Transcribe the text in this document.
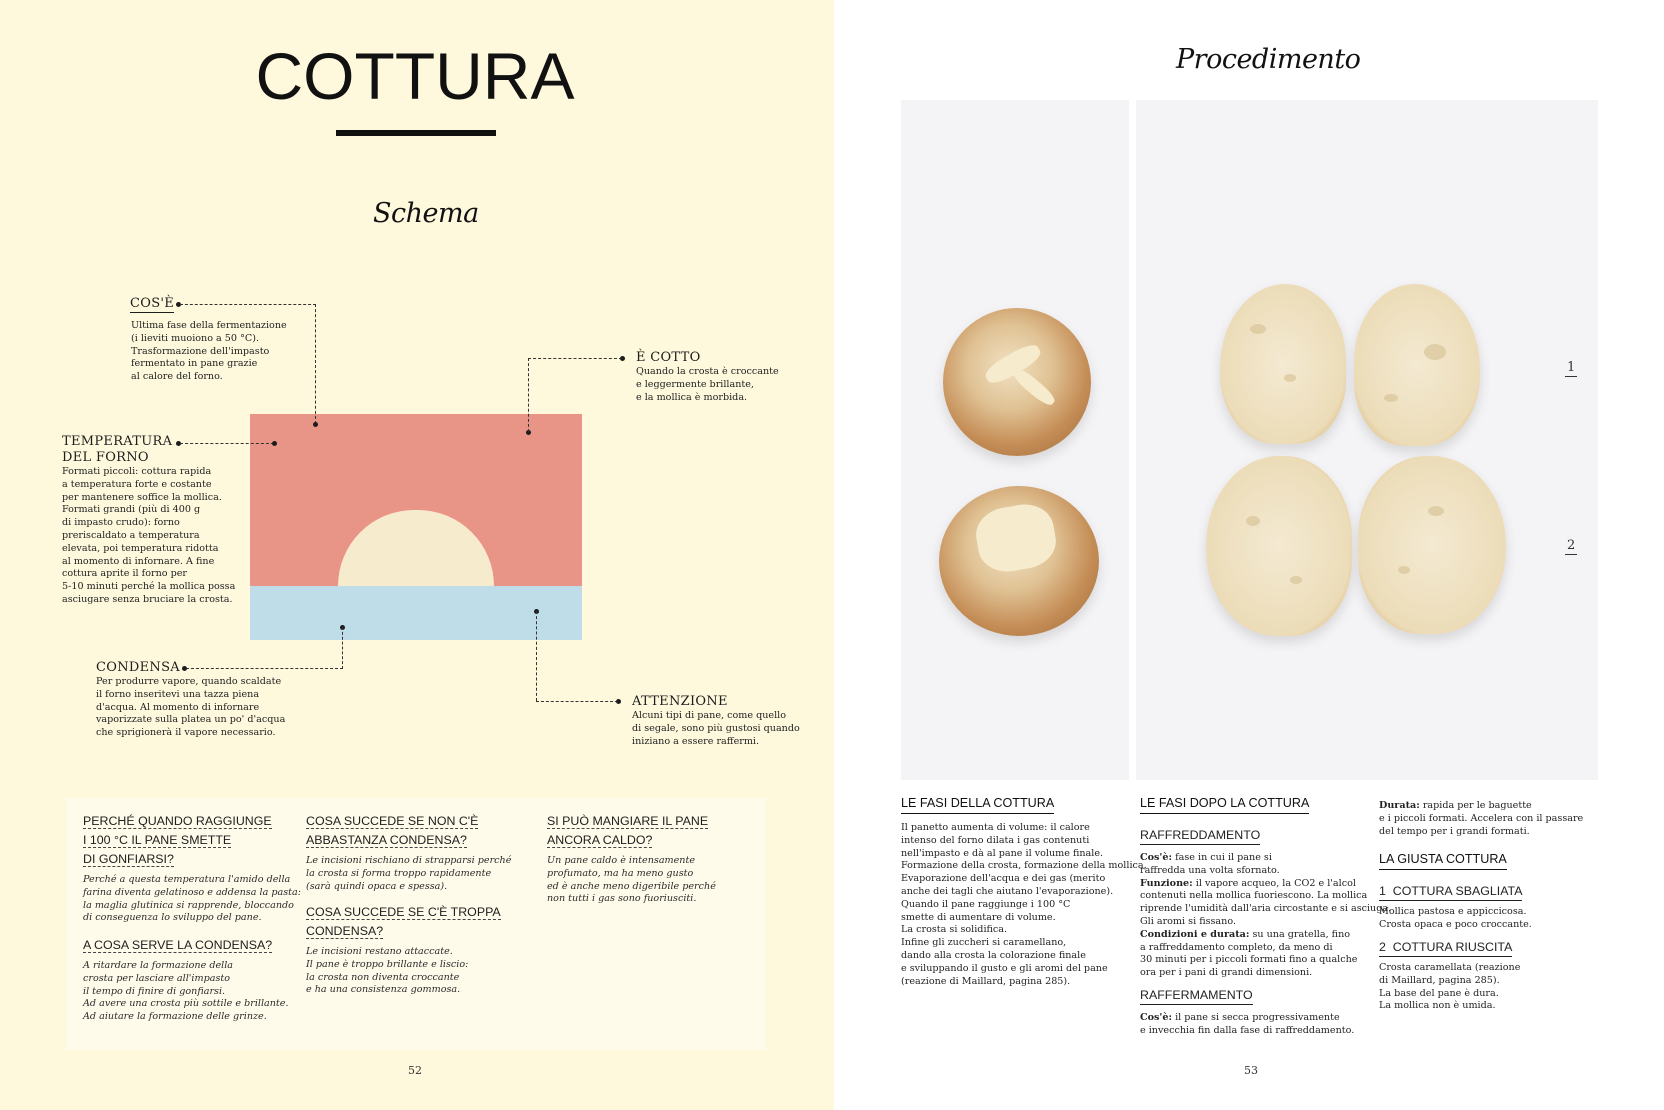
COTTURA
Schema
COS'È
Ultima fase della fermentazione
(i lieviti muoiono a 50 °C).
Trasformazione dell'impasto
fermentato in pane grazie
al calore del forno.
È COTTO
Quando la crosta è croccante
e leggermente brillante,
e la mollica è morbida.
TEMPERATURA
DEL FORNO
Formati piccoli: cottura rapida
a temperatura forte e costante
per mantenere soffice la mollica.
Formati grandi (più di 400 g
di impasto crudo): forno
preriscaldato a temperatura
elevata, poi temperatura ridotta
al momento di infornare. A fine
cottura aprite il forno per
5-10 minuti perché la mollica possa
asciugare senza bruciare la crosta.
CONDENSA
Per produrre vapore, quando scaldate
il forno inseritevi una tazza piena
d'acqua. Al momento di infornare
vaporizzate sulla platea un po' d'acqua
che sprigionerà il vapore necessario.
ATTENZIONE
Alcuni tipi di pane, come quello
di segale, sono più gustosi quando
iniziano a essere raffermi.
PERCHÉ QUANDO RAGGIUNGE
I 100 °C IL PANE SMETTE
DI GONFIARSI?
Perché a questa temperatura l'amido della
farina diventa gelatinoso e addensa la pasta:
la maglia glutinica si rapprende, bloccando
di conseguenza lo sviluppo del pane.
A COSA SERVE LA CONDENSA?
A ritardare la formazione della
crosta per lasciare all'impasto
il tempo di finire di gonfiarsi.
Ad avere una crosta più sottile e brillante.
Ad aiutare la formazione delle grinze.
COSA SUCCEDE SE NON C'È
ABBASTANZA CONDENSA?
Le incisioni rischiano di strapparsi perché
la crosta si forma troppo rapidamente
(sarà quindi opaca e spessa).
COSA SUCCEDE SE C'È TROPPA
CONDENSA?
Le incisioni restano attaccate.
Il pane è troppo brillante e liscio:
la crosta non diventa croccante
e ha una consistenza gommosa.
SI PUÒ MANGIARE IL PANE
ANCORA CALDO?
Un pane caldo è intensamente
profumato, ma ha meno gusto
ed è anche meno digeribile perché
non tutti i gas sono fuoriusciti.
52
Procedimento
1
2
LE FASI DELLA COTTURA
Il panetto aumenta di volume: il calore
intenso del forno dilata i gas contenuti
nell'impasto e dà al pane il volume finale.
Formazione della crosta, formazione della mollica.
Evaporazione dell'acqua e dei gas (merito
anche dei tagli che aiutano l'evaporazione).
Quando il pane raggiunge i 100 °C
smette di aumentare di volume.
La crosta si solidifica.
Infine gli zuccheri si caramellano,
dando alla crosta la colorazione finale
e sviluppando il gusto e gli aromi del pane
(reazione di Maillard, pagina 285).
LE FASI DOPO LA COTTURA
RAFFREDDAMENTO
Cos'è: fase in cui il pane si
raffredda una volta sfornato.
Funzione: il vapore acqueo, la CO2 e l'alcol
contenuti nella mollica fuoriescono. La mollica
riprende l'umidità dall'aria circostante e si asciuga.
Gli aromi si fissano.
Condizioni e durata: su una gratella, fino
a raffreddamento completo, da meno di
30 minuti per i piccoli formati fino a qualche
ora per i pani di grandi dimensioni.
RAFFERMAMENTO
Cos'è: il pane si secca progressivamente
e invecchia fin dalla fase di raffreddamento.
Durata: rapida per le baguette
e i piccoli formati. Accelera con il passare
del tempo per i grandi formati.
LA GIUSTA COTTURA
1 COTTURA SBAGLIATA
Mollica pastosa e appiccicosa.
Crosta opaca e poco croccante.
2 COTTURA RIUSCITA
Crosta caramellata (reazione
di Maillard, pagina 285).
La base del pane è dura.
La mollica non è umida.
53
